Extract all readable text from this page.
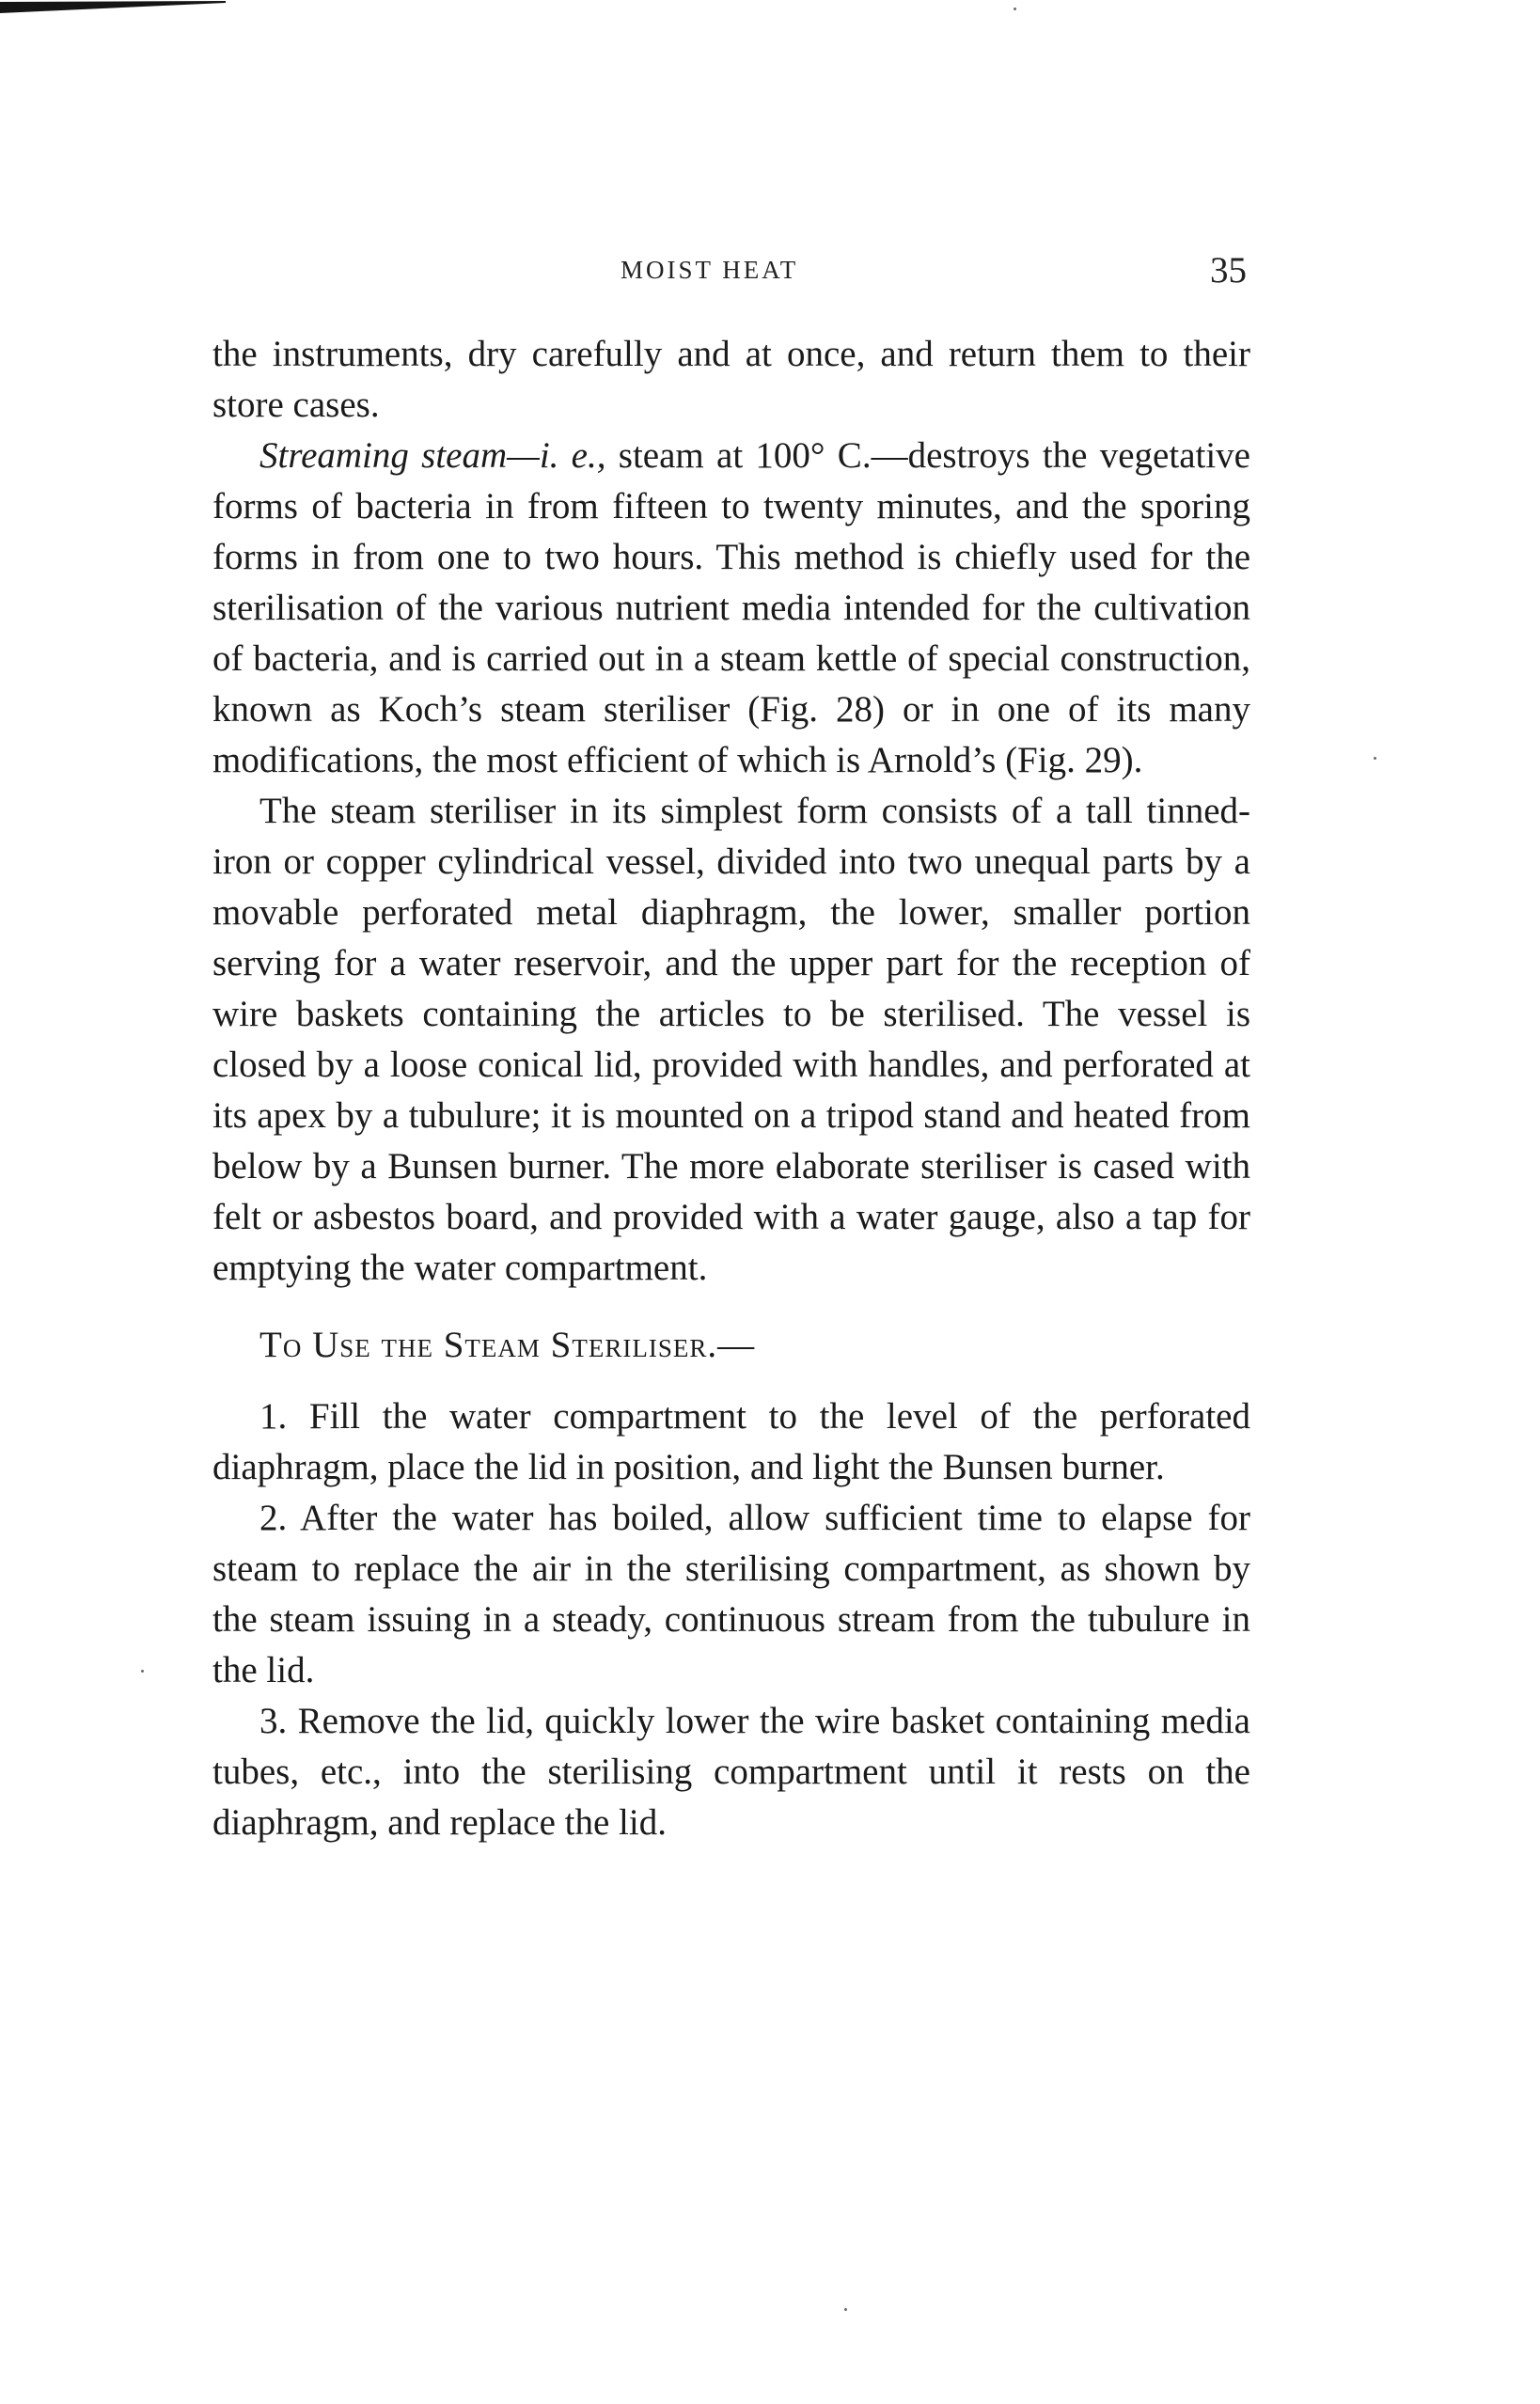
MOIST HEAT	35

the instruments, dry carefully and at once, and return them to their store cases.

Streaming steam—i. e., steam at 100° C.—destroys the vegetative forms of bacteria in from fifteen to twenty minutes, and the sporing forms in from one to two hours. This method is chiefly used for the sterilisation of the various nutrient media intended for the cultivation of bacteria, and is carried out in a steam kettle of special construction, known as Koch’s steam steriliser (Fig. 28) or in one of its many modifications, the most efficient of which is Arnold’s (Fig. 29).

The steam steriliser in its simplest form consists of a tall tinned-iron or copper cylindrical vessel, divided into two unequal parts by a movable perforated metal diaphragm, the lower, smaller portion serving for a water reservoir, and the upper part for the reception of wire baskets containing the articles to be sterilised. The vessel is closed by a loose conical lid, provided with handles, and perforated at its apex by a tubulure; it is mounted on a tripod stand and heated from below by a Bunsen burner. The more elaborate steriliser is cased with felt or asbestos board, and provided with a water gauge, also a tap for emptying the water compartment.

To Use the Steam Steriliser.—

1. Fill the water compartment to the level of the perforated diaphragm, place the lid in position, and light the Bunsen burner.

2. After the water has boiled, allow sufficient time to elapse for steam to replace the air in the sterilising compartment, as shown by the steam issuing in a steady, continuous stream from the tubulure in the lid.

3. Remove the lid, quickly lower the wire basket containing media tubes, etc., into the sterilising compartment until it rests on the diaphragm, and replace the lid.
